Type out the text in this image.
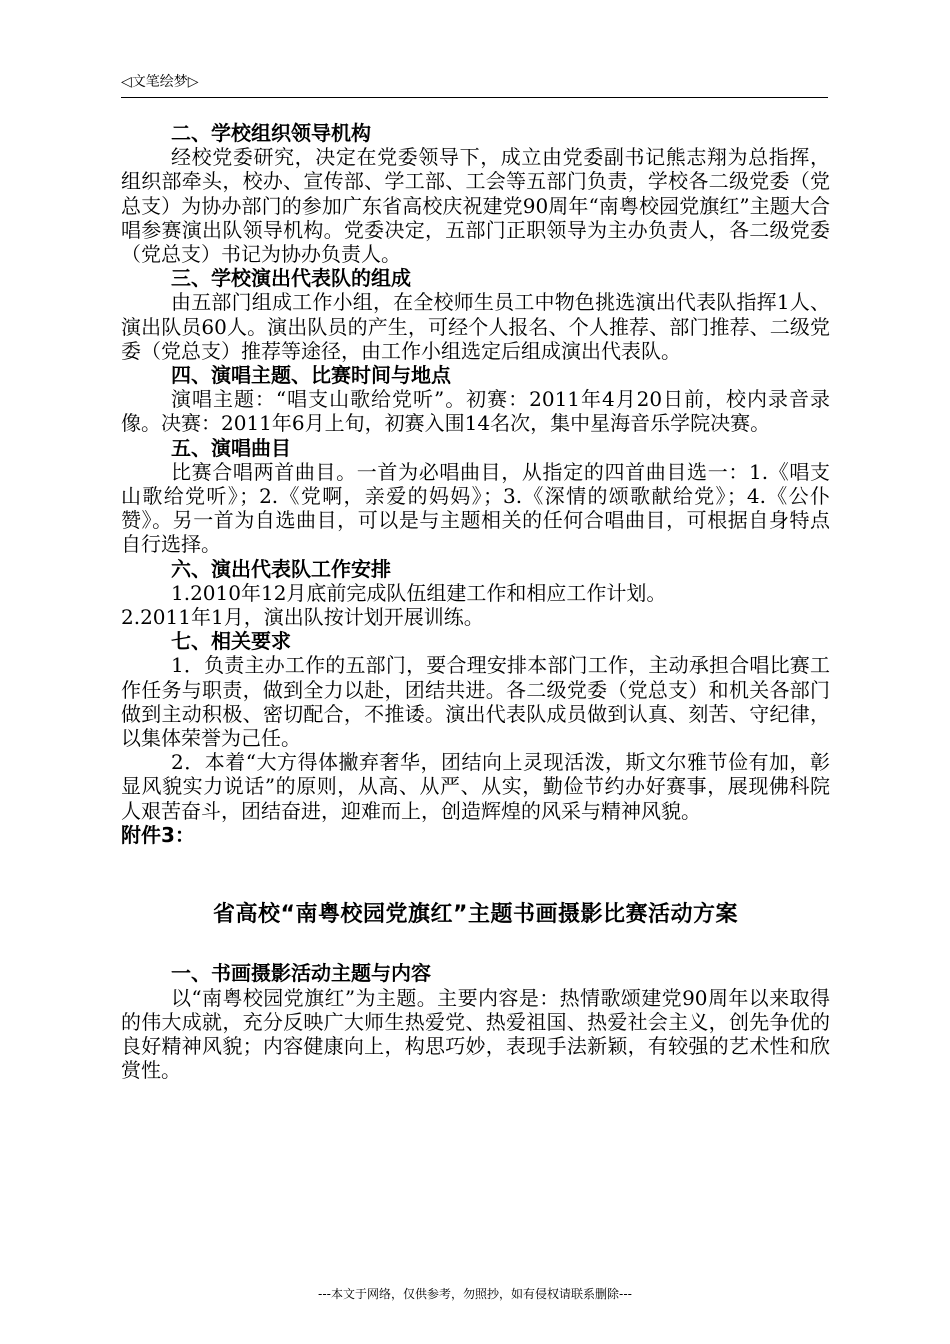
◁文笔绘梦▷

二、学校组织领导机构

经校党委研究，决定在党委领导下，成立由党委副书记熊志翔为总指挥，组织部牵头，校办、宣传部、学工部、工会等五部门负责，学校各二级党委（党总支）为协办部门的参加广东省高校庆祝建党90周年“南粤校园党旗红”主题大合唱参赛演出队领导机构。党委决定，五部门正职领导为主办负责人，各二级党委（党总支）书记为协办负责人。

三、学校演出代表队的组成

由五部门组成工作小组，在全校师生员工中物色挑选演出代表队指挥1人、演出队员60人。演出队员的产生，可经个人报名、个人推荐、部门推荐、二级党委（党总支）推荐等途径，由工作小组选定后组成演出代表队。

四、演唱主题、比赛时间与地点

演唱主题：“唱支山歌给党听”。初赛：2011年4月20日前，校内录音录像。决赛：2011年6月上旬，初赛入围14名次，集中星海音乐学院决赛。

五、演唱曲目

比赛合唱两首曲目。一首为必唱曲目，从指定的四首曲目选一：1.《唱支山歌给党听》；2.《党啊，亲爱的妈妈》；3.《深情的颂歌献给党》；4.《公仆赞》。另一首为自选曲目，可以是与主题相关的任何合唱曲目，可根据自身特点自行选择。

六、演出代表队工作安排

1.2010年12月底前完成队伍组建工作和相应工作计划。

2.2011年1月，演出队按计划开展训练。

七、相关要求

1．负责主办工作的五部门，要合理安排本部门工作，主动承担合唱比赛工作任务与职责，做到全力以赴，团结共进。各二级党委（党总支）和机关各部门做到主动积极、密切配合，不推诿。演出代表队成员做到认真、刻苦、守纪律，以集体荣誉为己任。

2．本着“大方得体撇弃奢华，团结向上灵现活泼，斯文尔雅节俭有加，彰显风貌实力说话”的原则，从高、从严、从实，勤俭节约办好赛事，展现佛科院人艰苦奋斗，团结奋进，迎难而上，创造辉煌的风采与精神风貌。

附件3：

省高校“南粤校园党旗红”主题书画摄影比赛活动方案

一、书画摄影活动主题与内容

以“南粤校园党旗红”为主题。主要内容是：热情歌颂建党90周年以来取得的伟大成就，充分反映广大师生热爱党、热爱祖国、热爱社会主义，创先争优的良好精神风貌；内容健康向上，构思巧妙，表现手法新颖，有较强的艺术性和欣赏性。

---本文于网络，仅供参考，勿照抄，如有侵权请联系删除---
